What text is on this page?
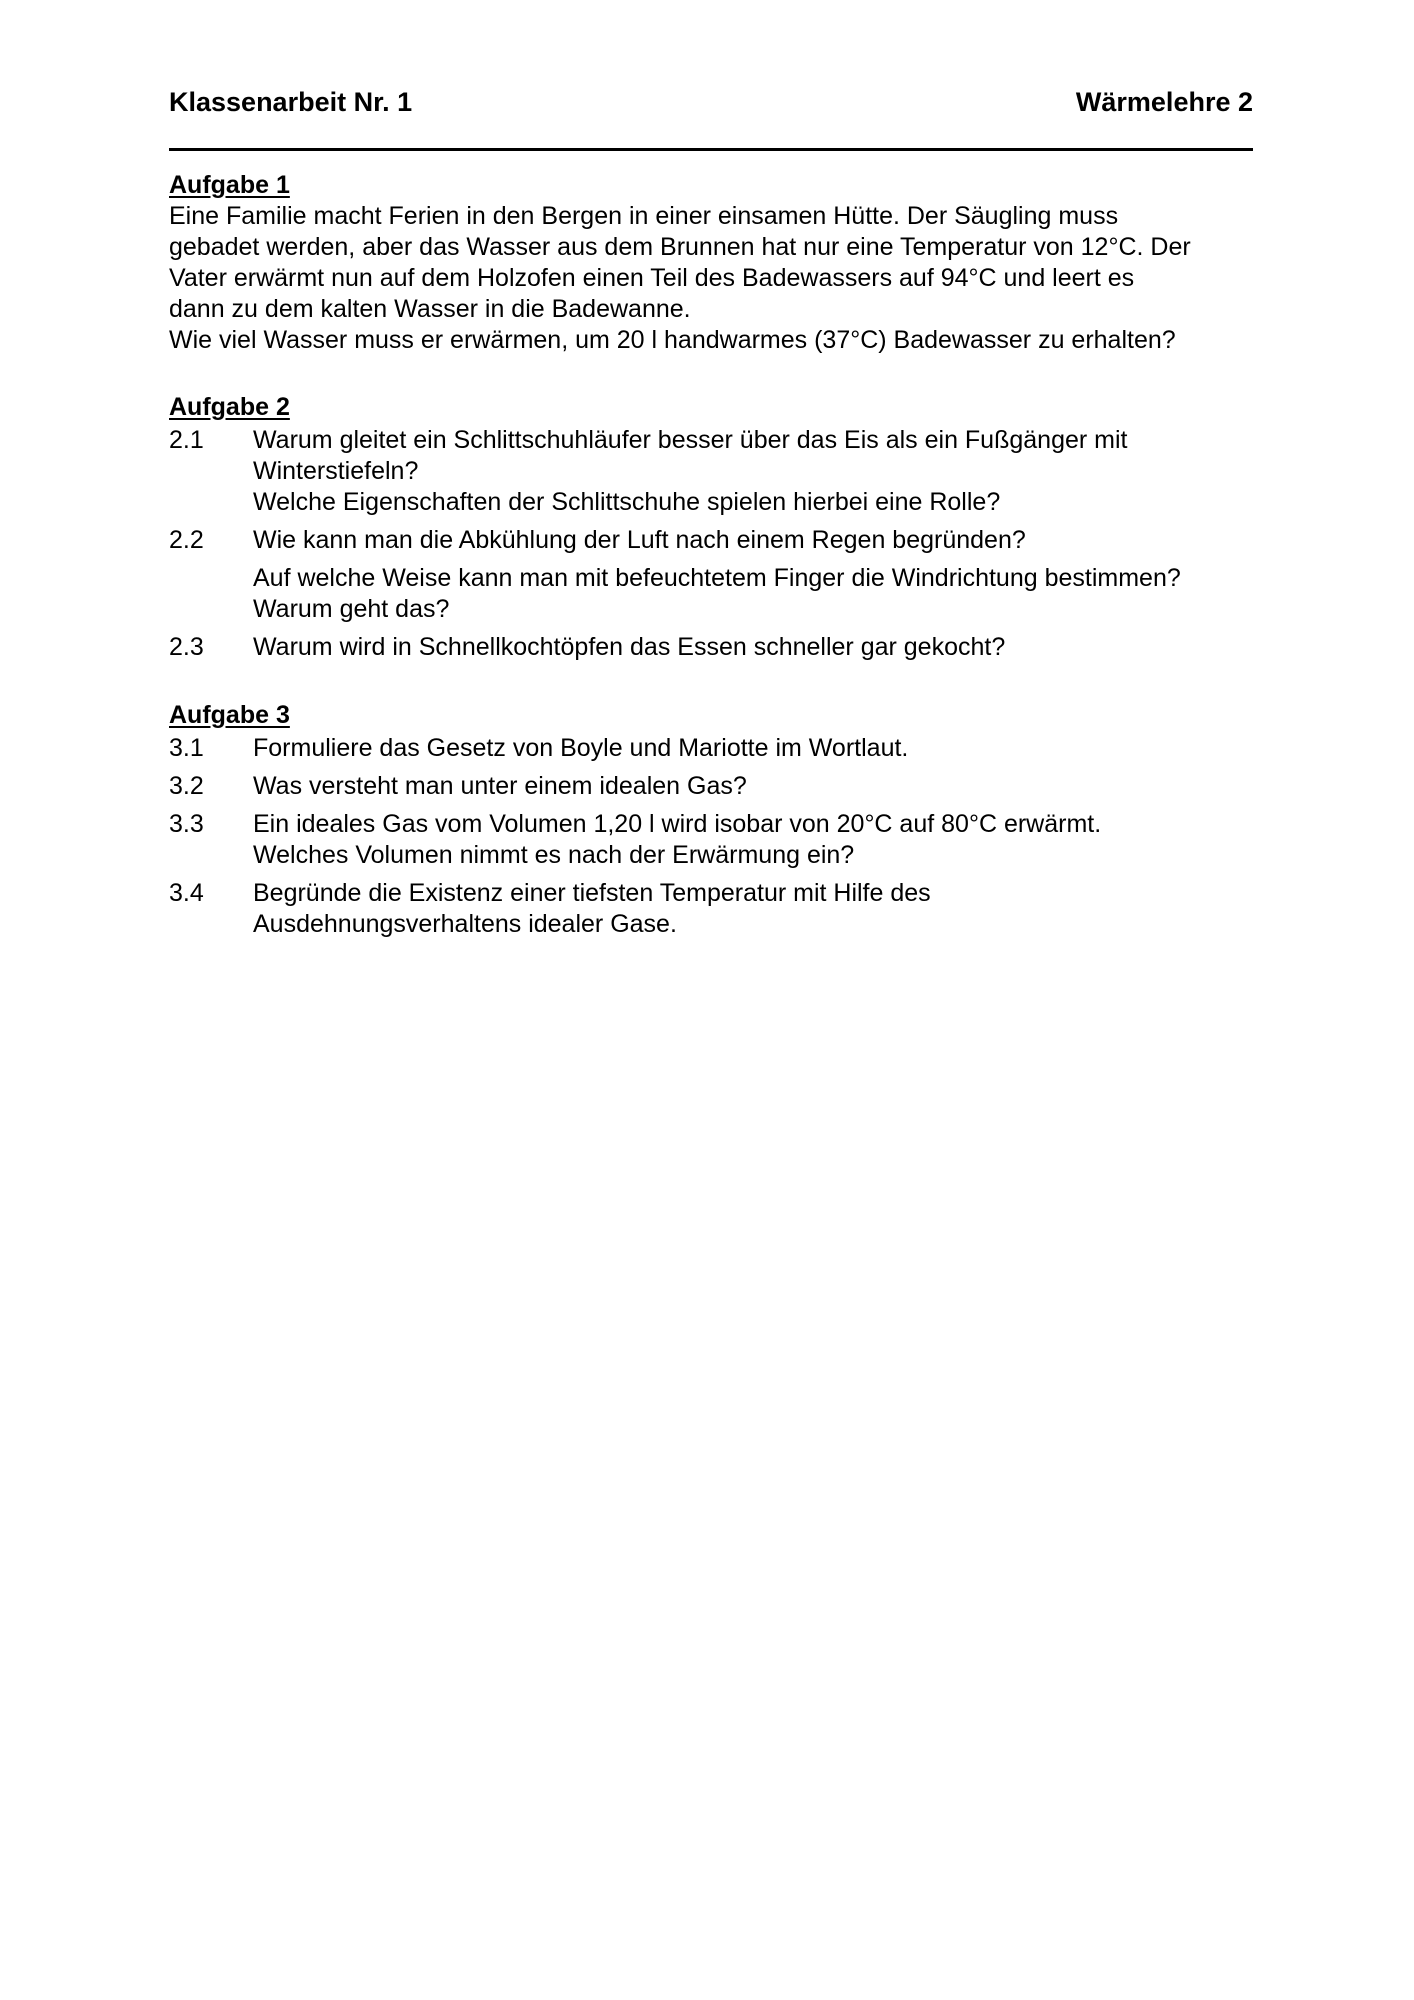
Klassenarbeit Nr. 1	Wärmelehre 2
Aufgabe 1

Eine Familie macht Ferien in den Bergen in einer einsamen Hütte. Der Säugling muss

gebadet werden, aber das Wasser aus dem Brunnen hat nur eine Temperatur von 12°C. Der

Vater erwärmt nun auf dem Holzofen einen Teil des Badewassers auf 94°C und leert es

dann zu dem kalten Wasser in die Badewanne.

Wie viel Wasser muss er erwärmen, um 20 l handwarmes (37°C) Badewasser zu erhalten?

Aufgabe 2
2.1	Warum gleitet ein Schlittschuhläufer besser über das Eis als ein Fußgänger mit

Winterstiefeln?

Welche Eigenschaften der Schlittschuhe spielen hierbei eine Rolle?

2.2	Wie kann man die Abkühlung der Luft nach einem Regen begründen?

Auf welche Weise kann man mit befeuchtetem Finger die Windrichtung bestimmen?

Warum geht das?

2.3	Warum wird in Schnellkochtöpfen das Essen schneller gar gekocht?

Aufgabe 3
3.1	Formuliere das Gesetz von Boyle und Mariotte im Wortlaut.

3.2	Was versteht man unter einem idealen Gas?

3.3	Ein ideales Gas vom Volumen 1,20 l wird isobar von 20°C auf 80°C erwärmt.

Welches Volumen nimmt es nach der Erwärmung ein?

3.4	Begründe die Existenz einer tiefsten Temperatur mit Hilfe des

Ausdehnungsverhaltens idealer Gase.
